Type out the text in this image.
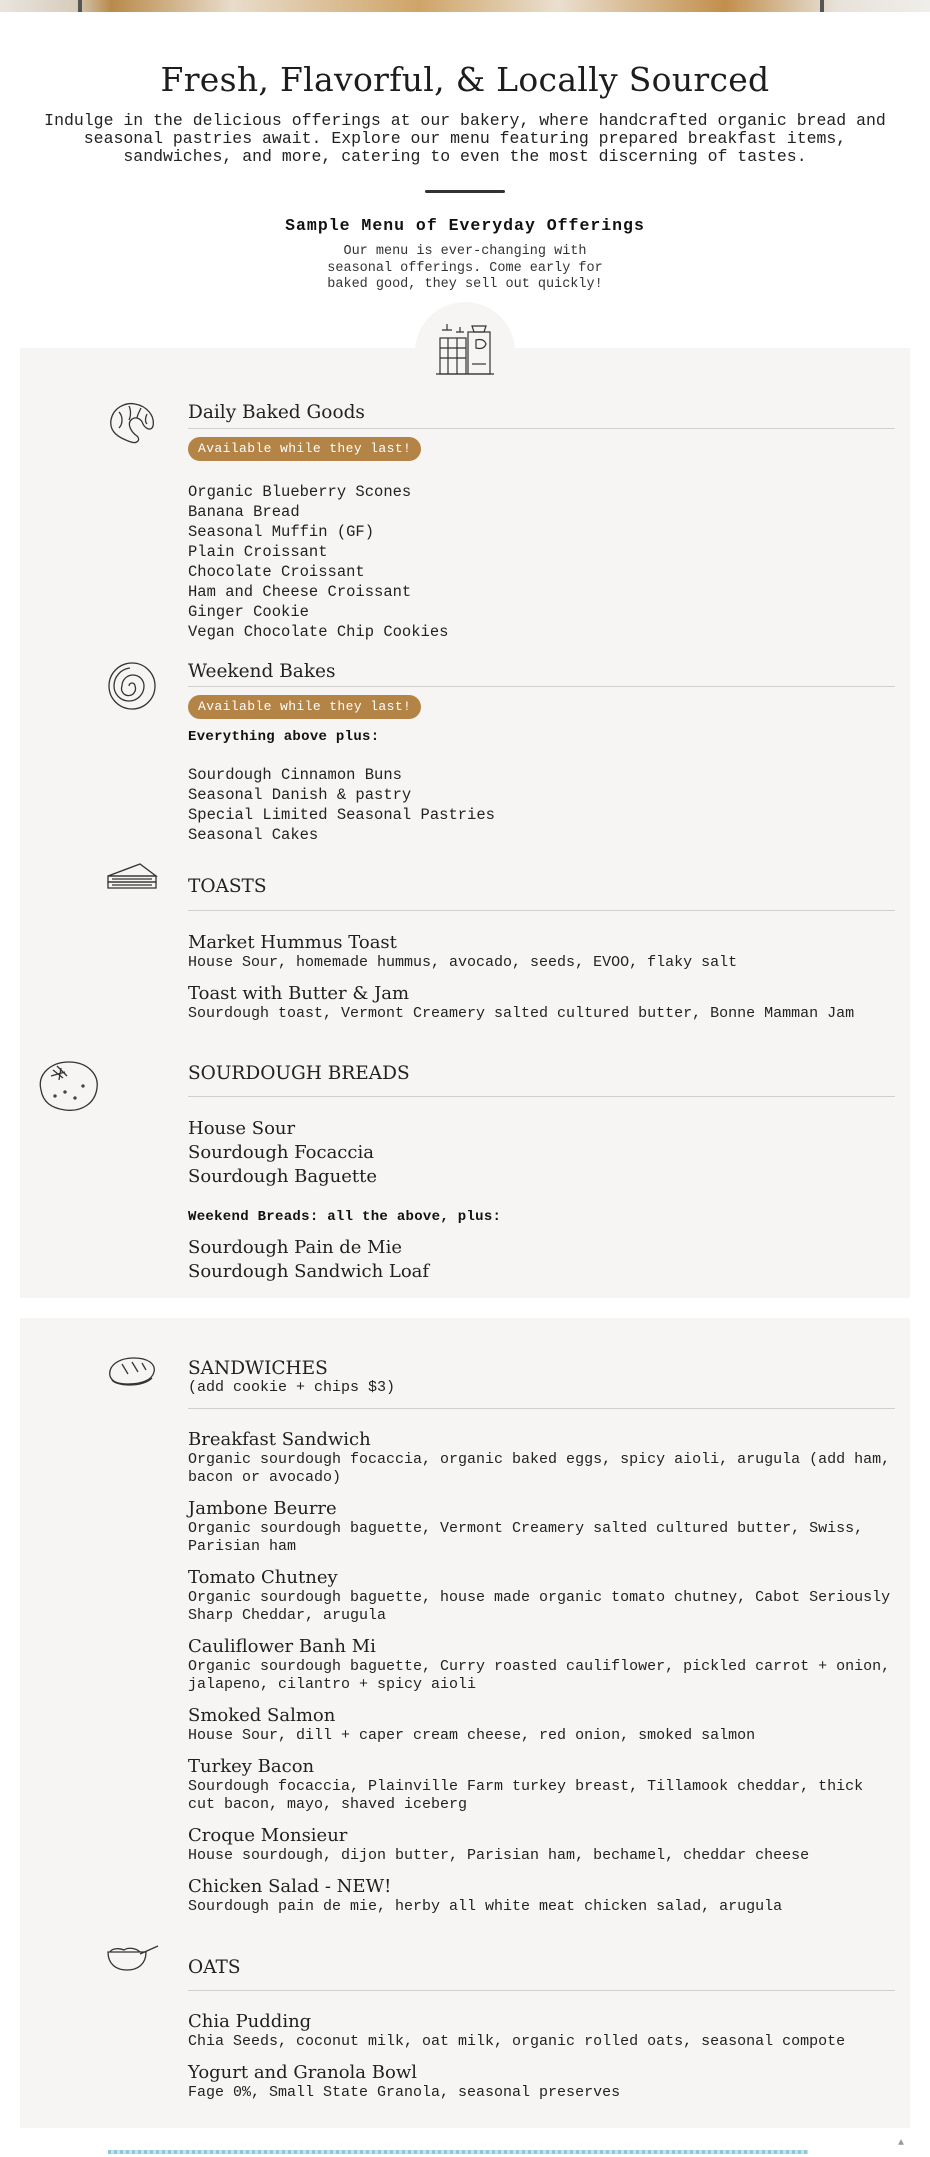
Fresh, Flavorful, & Locally Sourced

Indulge in the delicious offerings at our bakery, where handcrafted organic bread and seasonal pastries await. Explore our menu featuring prepared breakfast items, sandwiches, and more, catering to even the most discerning of tastes.

Sample Menu of Everyday Offerings

Our menu is ever-changing with seasonal offerings. Come early for baked good, they sell out quickly!

Daily Baked Goods
Available while they last!
Organic Blueberry Scones
Banana Bread
Seasonal Muffin (GF)
Plain Croissant
Chocolate Croissant
Ham and Cheese Croissant
Ginger Cookie
Vegan Chocolate Chip Cookies
Weekend Bakes
Available while they last!
Everything above plus:
Sourdough Cinnamon Buns
Seasonal Danish & pastry
Special Limited Seasonal Pastries
Seasonal Cakes
TOASTS
Market Hummus Toast
House Sour, homemade hummus, avocado, seeds, EVOO, flaky salt
Toast with Butter & Jam
Sourdough toast, Vermont Creamery salted cultured butter, Bonne Mamman Jam
SOURDOUGH BREADS
House Sour
Sourdough Focaccia
Sourdough Baguette
Weekend Breads: all the above, plus:
Sourdough Pain de Mie
Sourdough Sandwich Loaf
SANDWICHES
(add cookie + chips $3)
Breakfast Sandwich
Organic sourdough focaccia, organic baked eggs, spicy aioli, arugula (add ham, bacon or avocado)
Jambone Beurre
Organic sourdough baguette, Vermont Creamery salted cultured butter, Swiss, Parisian ham
Tomato Chutney
Organic sourdough baguette, house made organic tomato chutney, Cabot Seriously Sharp Cheddar, arugula
Cauliflower Banh Mi
Organic sourdough baguette, Curry roasted cauliflower, pickled carrot + onion, jalapeno, cilantro + spicy aioli
Smoked Salmon
House Sour, dill + caper cream cheese, red onion, smoked salmon
Turkey Bacon
Sourdough focaccia, Plainville Farm turkey breast, Tillamook cheddar, thick cut bacon, mayo, shaved iceberg
Croque Monsieur
House sourdough, dijon butter, Parisian ham, bechamel, cheddar cheese
Chicken Salad - NEW!
Sourdough pain de mie, herby all white meat chicken salad, arugula
OATS
Chia Pudding
Chia Seeds, coconut milk, oat milk, organic rolled oats, seasonal compote
Yogurt and Granola Bowl
Fage 0%, Small State Granola, seasonal preserves
▲
